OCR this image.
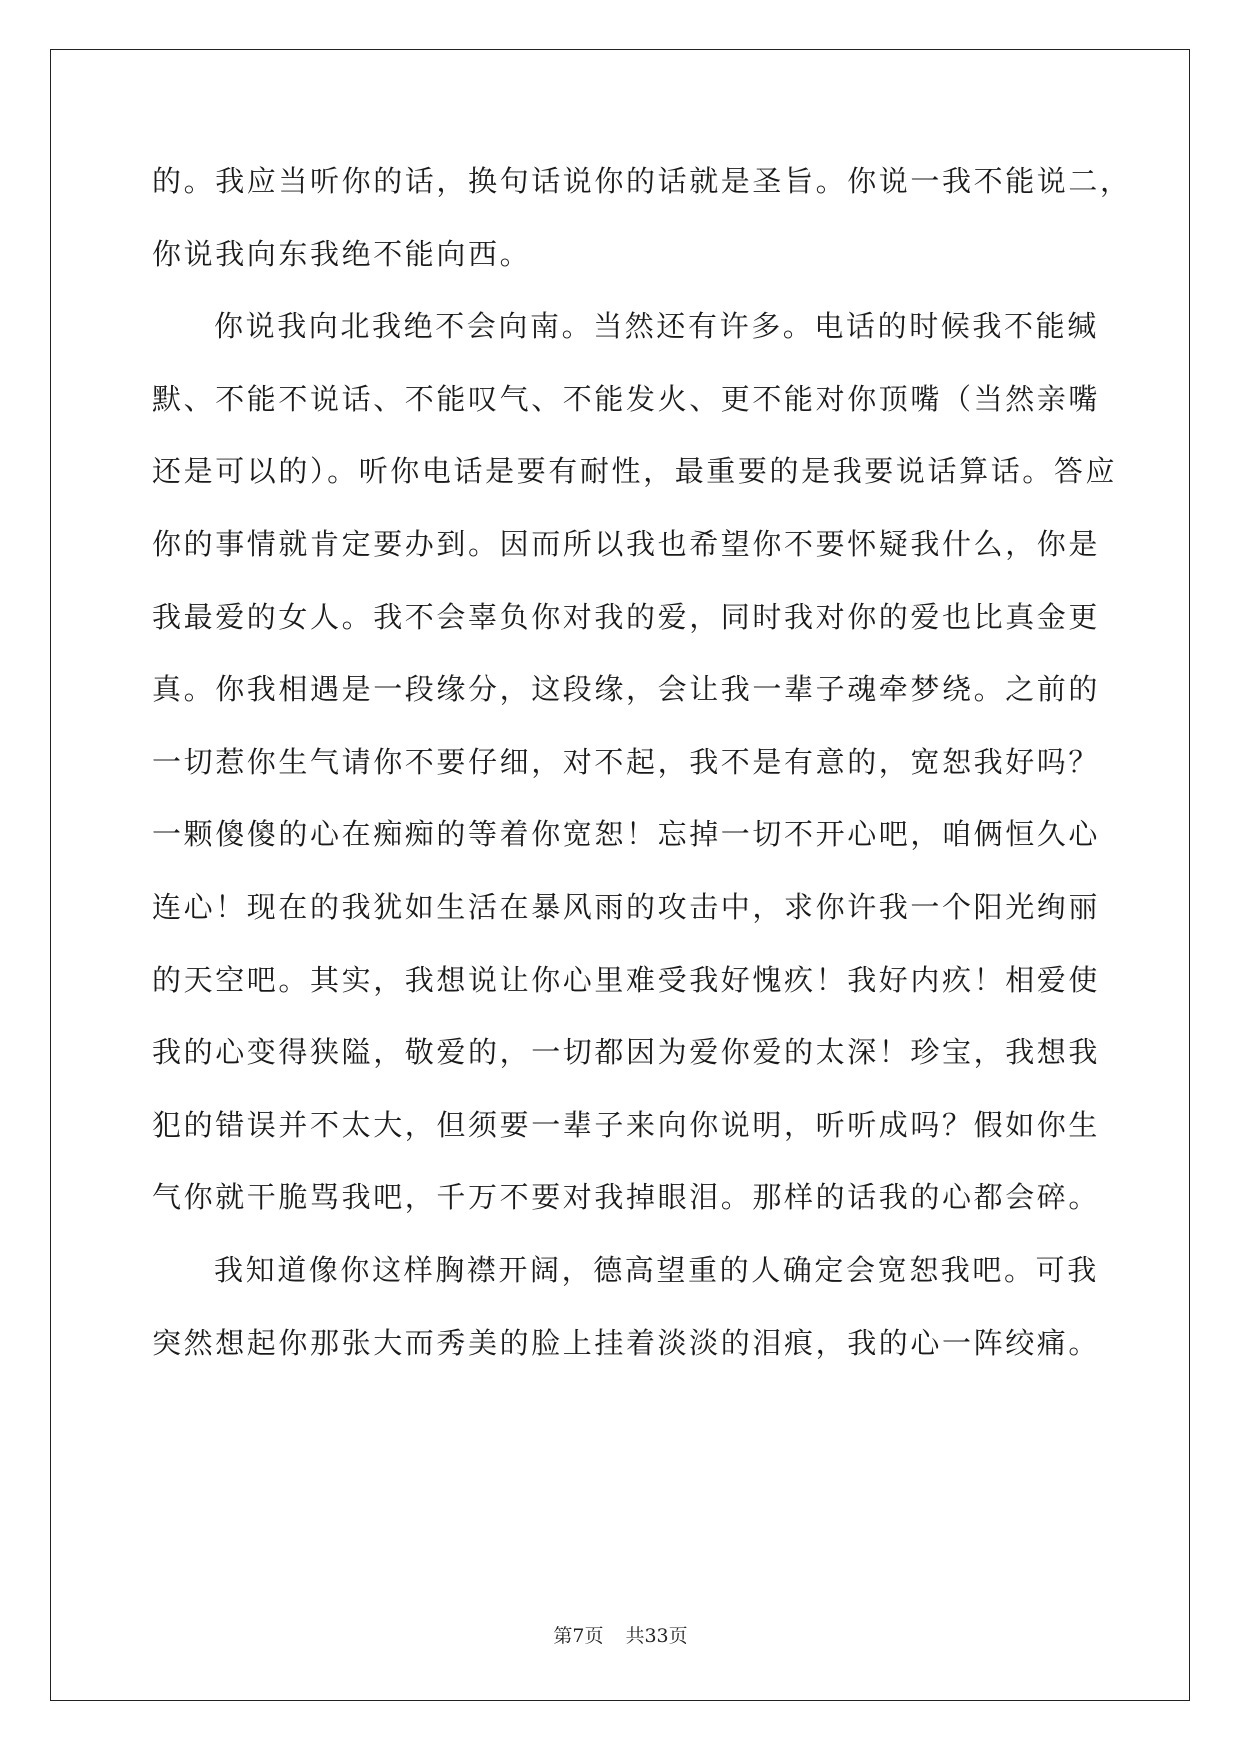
的。我应当听你的话，换句话说你的话就是圣旨。你说一我不能说二，
你说我向东我绝不能向西。
你说我向北我绝不会向南。当然还有许多。电话的时候我不能缄
默、不能不说话、不能叹气、不能发火、更不能对你顶嘴（当然亲嘴
还是可以的）。听你电话是要有耐性，最重要的是我要说话算话。答应
你的事情就肯定要办到。因而所以我也希望你不要怀疑我什么，你是
我最爱的女人。我不会辜负你对我的爱，同时我对你的爱也比真金更
真。你我相遇是一段缘分，这段缘，会让我一辈子魂牵梦绕。之前的
一切惹你生气请你不要仔细，对不起，我不是有意的，宽恕我好吗？
一颗傻傻的心在痴痴的等着你宽恕！忘掉一切不开心吧，咱俩恒久心
连心！现在的我犹如生活在暴风雨的攻击中，求你许我一个阳光绚丽
的天空吧。其实，我想说让你心里难受我好愧疚！我好内疚！相爱使
我的心变得狭隘，敬爱的，一切都因为爱你爱的太深！珍宝，我想我
犯的错误并不太大，但须要一辈子来向你说明，听听成吗？假如你生
气你就干脆骂我吧，千万不要对我掉眼泪。那样的话我的心都会碎。
我知道像你这样胸襟开阔，德高望重的人确定会宽恕我吧。可我
突然想起你那张大而秀美的脸上挂着淡淡的泪痕，我的心一阵绞痛。
第7页 共33页
